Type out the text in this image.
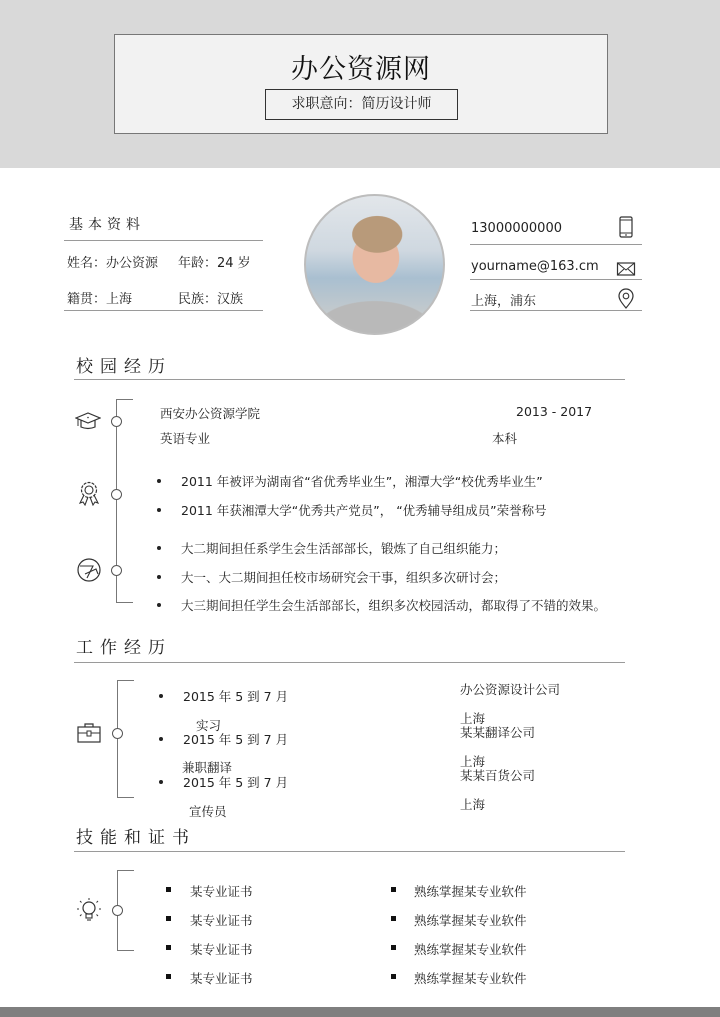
办公资源网
求职意向：简历设计师
基本资料
姓名：办公资源 年龄：24 岁
籍贯：上海	民族：汉族
13000000000
yourname@163.cm
上海，浦东
校园经历
西安办公资源学院	2013 - 2017
英语专业	本科
2011 年被评为湖南省“省优秀毕业生”，湘潭大学“校优秀毕业生”
2011 年获湘潭大学“优秀共产党员”， “优秀辅导组成员”荣誉称号
大二期间担任系学生会生活部部长，锻炼了自己组织能力；
大一、大二期间担任校市场研究会干事，组织多次研讨会；
大三期间担任学生会生活部部长，组织多次校园活动，都取得了不错的效果。
工作经历
2015 年 5 到 7 月
实习
办公资源设计公司
上海
2015 年 5 到 7 月
兼职翻译
某某翻译公司
上海
2015 年 5 到 7 月
宣传员
某某百货公司
上海
技能和证书
某专业证书
某专业证书
某专业证书
某专业证书
熟练掌握某专业软件
熟练掌握某专业软件
熟练掌握某专业软件
熟练掌握某专业软件
